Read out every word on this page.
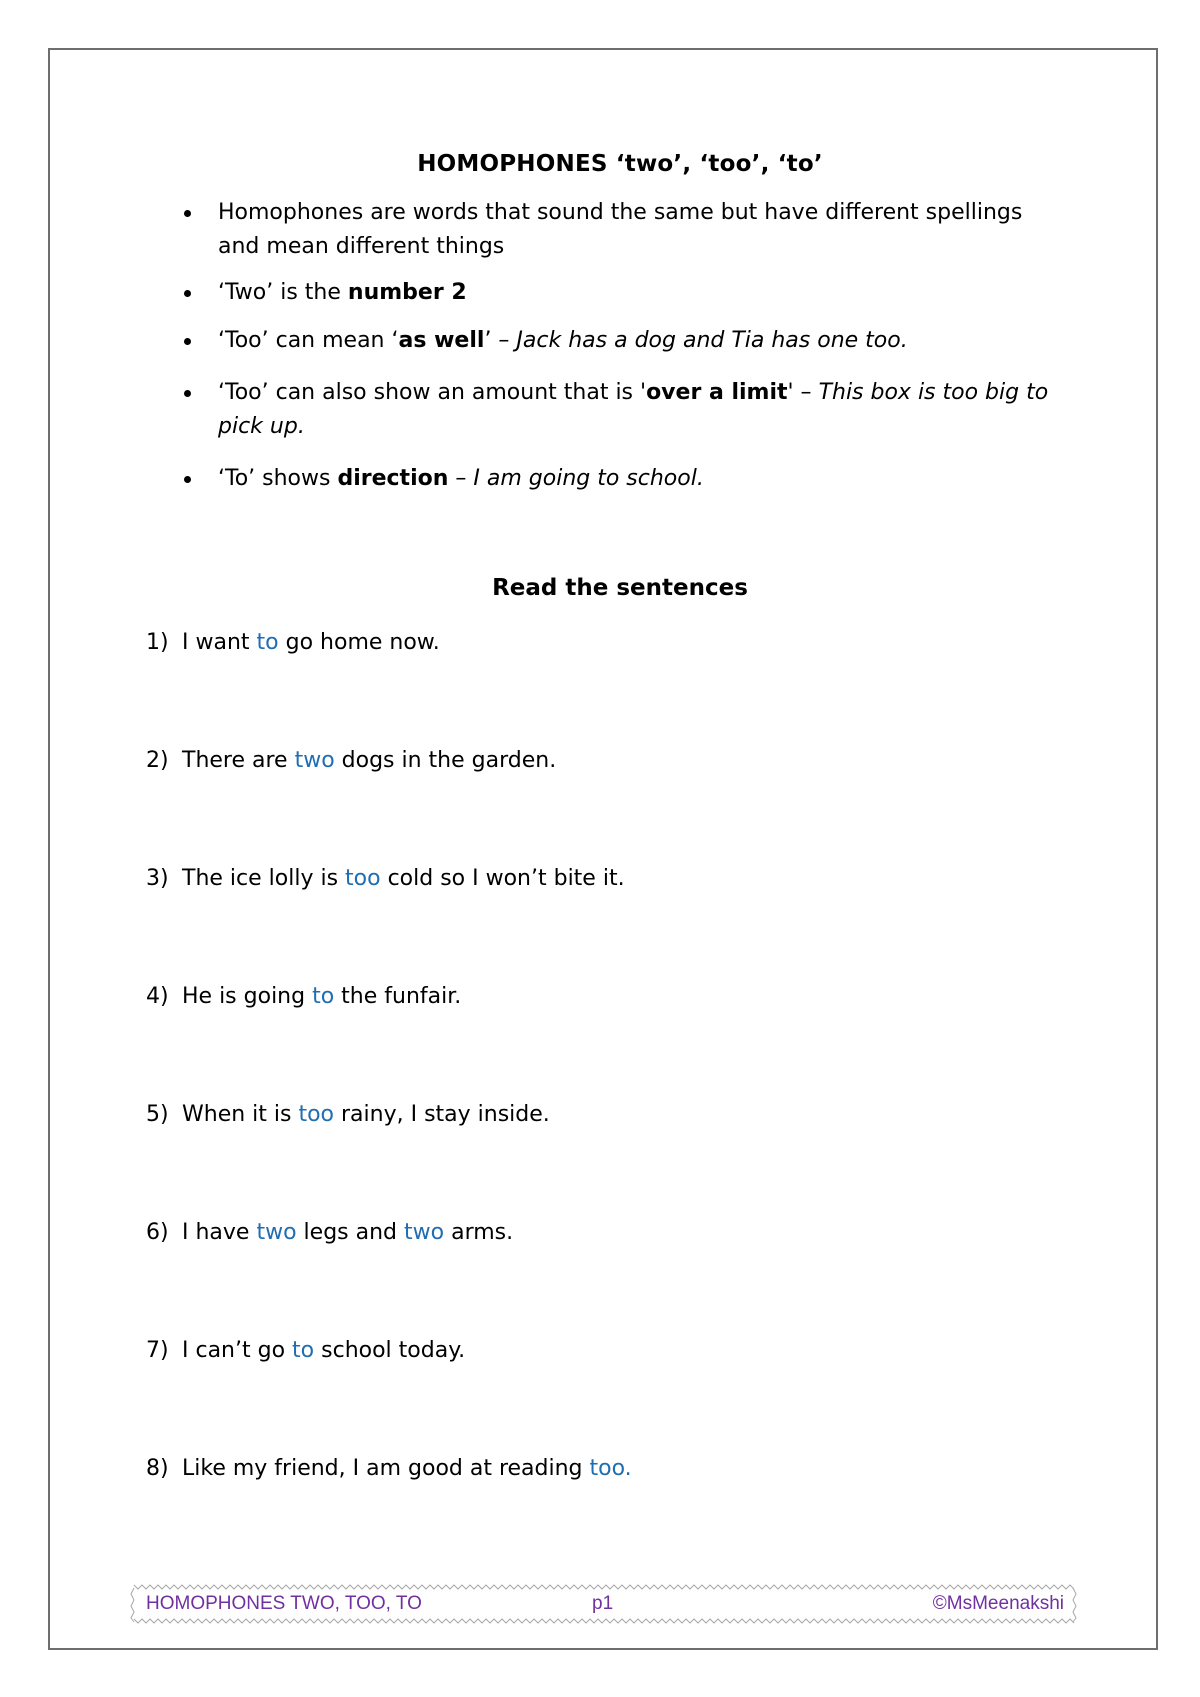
HOMOPHONES ‘two’, ‘too’, ‘to’
Homophones are words that sound the same but have different spellings and mean different things
‘Two’ is the number 2
‘Too’ can mean ‘as well’ – Jack has a dog and Tia has one too.
‘Too’ can also show an amount that is 'over a limit' – This box is too big to pick up.
‘To’ shows direction – I am going to school.
Read the sentences
1) I want to go home now.
2) There are two dogs in the garden.
3) The ice lolly is too cold so I won’t bite it.
4) He is going to the funfair.
5) When it is too rainy, I stay inside.
6) I have two legs and two arms.
7) I can’t go to school today.
8) Like my friend, I am good at reading too.
HOMOPHONES TWO, TOO, TO	p1	©MsMeenakshi
